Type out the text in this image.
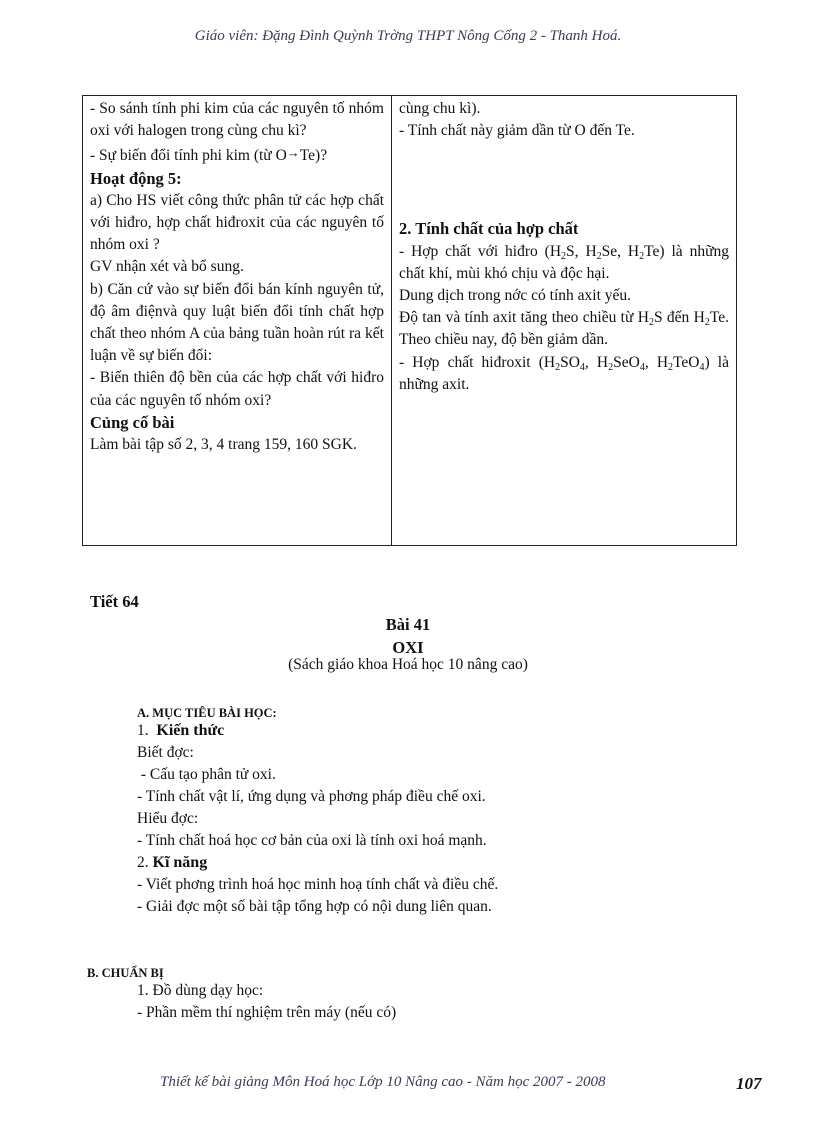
Giáo viên: Đặng Đình Quỳnh Trờng THPT Nông Cống 2 - Thanh Hoá.

- So sánh tính phi kim của các nguyên tố nhóm oxi với halogen trong cùng chu kì?

- Sự biến đổi tính phi kim (từ O→Te)?

Hoạt động 5:

a) Cho HS viết công thức phân tử các hợp chất với hiđro, hợp chất hiđroxit của các nguyên tố nhóm oxi ?

GV nhận xét và bổ sung.

b) Căn cứ vào sự biến đổi bán kính nguyên tử, độ âm điệnvà quy luật biến đổi tính chất hợp chất theo nhóm A của bảng tuần hoàn rút ra kết luận về sự biến đổi:

- Biến thiên độ bền của các hợp chất với hiđro của các nguyên tố nhóm oxi?

Củng cố bài

Làm bài tập số 2, 3, 4 trang 159, 160 SGK.

cùng chu kì).

- Tính chất này giảm dần từ O đến Te.

2. Tính chất của hợp chất

- Hợp chất với hiđro ($H_2S$, $H_2Se$, $H_2Te$) là những chất khí, mùi khó chịu và độc hại.

Dung dịch trong nớc có tính axit yếu.

Độ tan và tính axit tăng theo chiều từ $H_2S$ đến $H_2Te$. Theo chiều nay, độ bền giảm dần.

- Hợp chất hiđroxit ($H_2SO_4$, $H_2SeO_4$, $H_2TeO_4$) là những axit.

Tiết 64
Bài 41
OXI
(Sách giáo khoa Hoá học 10 nâng cao)

A. MỤC TIÊU BÀI HỌC:

1. Kiến thức

Biết đợc:

- Cấu tạo phân tử oxi.

- Tính chất vật lí, ứng dụng và phơng pháp điều chế oxi.

Hiểu đợc:

- Tính chất hoá học cơ bản của oxi là tính oxi hoá mạnh.

2. Kĩ năng

- Viết phơng trình hoá học minh hoạ tính chất và điều chế.

- Giải đợc một số bài tập tổng hợp có nội dung liên quan.

B. CHUẨN BỊ

1. Đồ dùng dạy học:

- Phần mềm thí nghiệm trên máy (nếu có)

Thiết kế bài giảng Môn Hoá học Lớp 10 Nâng cao - Năm học 2007 - 2008	107
